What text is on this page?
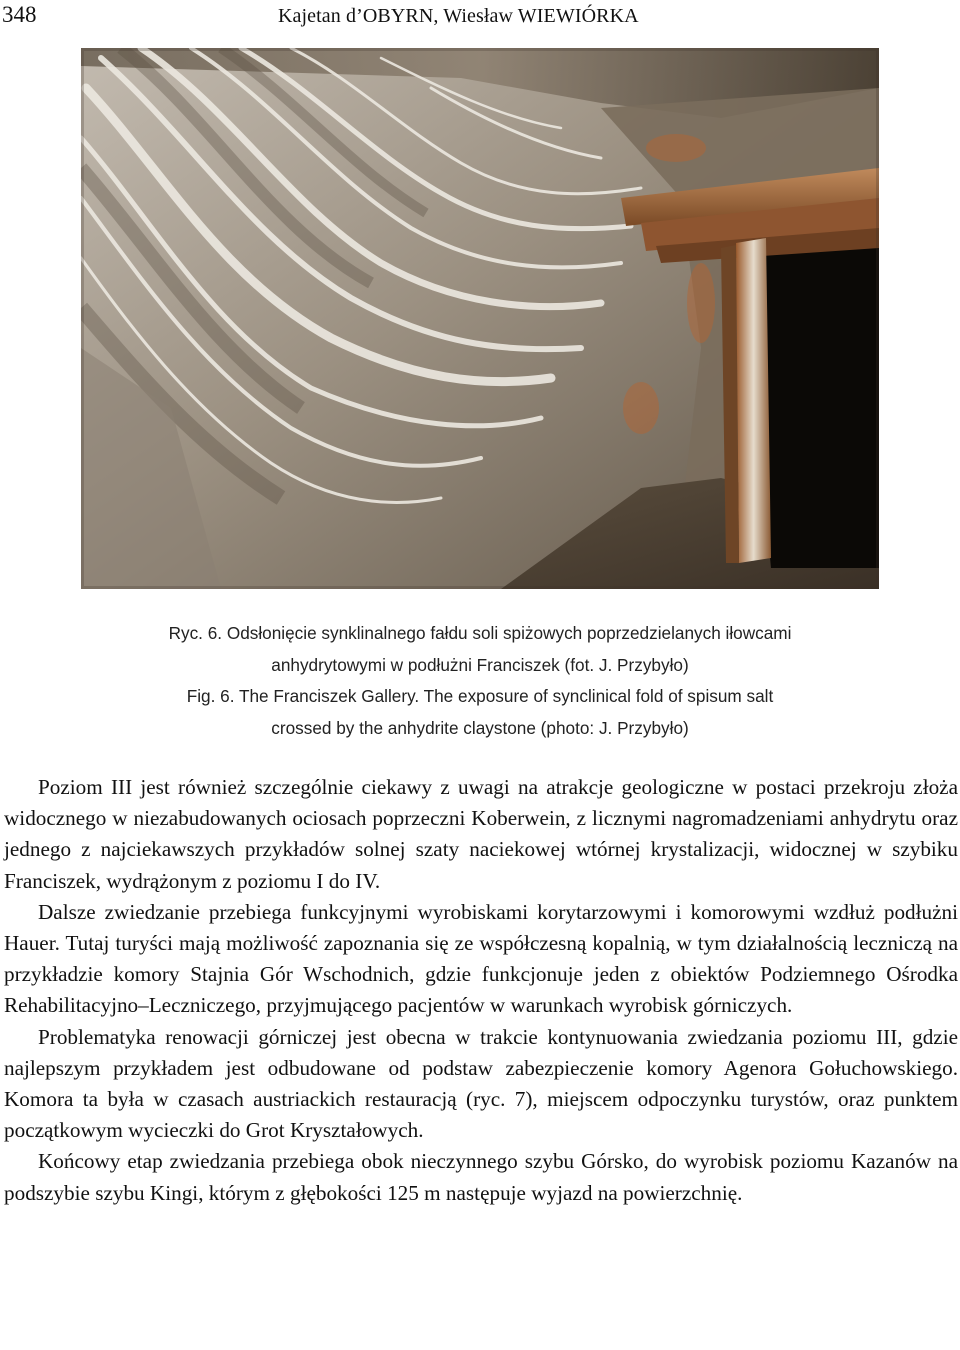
348	Kajetan d’OBYRN, Wiesław WIEWIÓRKA

Ryc. 6. Odsłonięcie synklinalnego fałdu soli spiżowych poprzedzielanych iłowcami

anhydrytowymi w podłużni Franciszek (fot. J. Przybyło)

Fig. 6. The Franciszek Gallery. The exposure of synclinical fold of spisum salt

crossed by the anhydrite claystone (photo: J. Przybyło)

Poziom III jest również szczególnie ciekawy z uwagi na atrakcje geologiczne w postaci przekroju złoża widocznego w niezabudowanych ociosach poprzeczni Koberwein, z licznymi nagromadzeniami anhydrytu oraz jednego z najciekawszych przykładów solnej szaty naciekowej wtórnej krystalizacji, widocznej w szybiku Franciszek, wydrążonym z poziomu I do IV.

Dalsze zwiedzanie przebiega funkcyjnymi wyrobiskami korytarzowymi i komorowymi wzdłuż podłużni Hauer. Tutaj turyści mają możliwość zapoznania się ze współczesną kopalnią, w tym działalnością leczniczą na przykładzie komory Stajnia Gór Wschodnich, gdzie funkcjonuje jeden z obiektów Podziemnego Ośrodka Rehabilitacyjno–Leczniczego, przyjmującego pacjentów w warunkach wyrobisk górniczych.

Problematyka renowacji górniczej jest obecna w trakcie kontynuowania zwiedzania poziomu III, gdzie najlepszym przykładem jest odbudowane od podstaw zabezpieczenie komory Agenora Gołuchowskiego. Komora ta była w czasach austriackich restauracją (ryc. 7), miejscem odpoczynku turystów, oraz punktem początkowym wycieczki do Grot Kryształowych.

Końcowy etap zwiedzania przebiega obok nieczynnego szybu Górsko, do wyrobisk poziomu Kazanów na podszybie szybu Kingi, którym z głębokości 125 m następuje wyjazd na powierzchnię.
